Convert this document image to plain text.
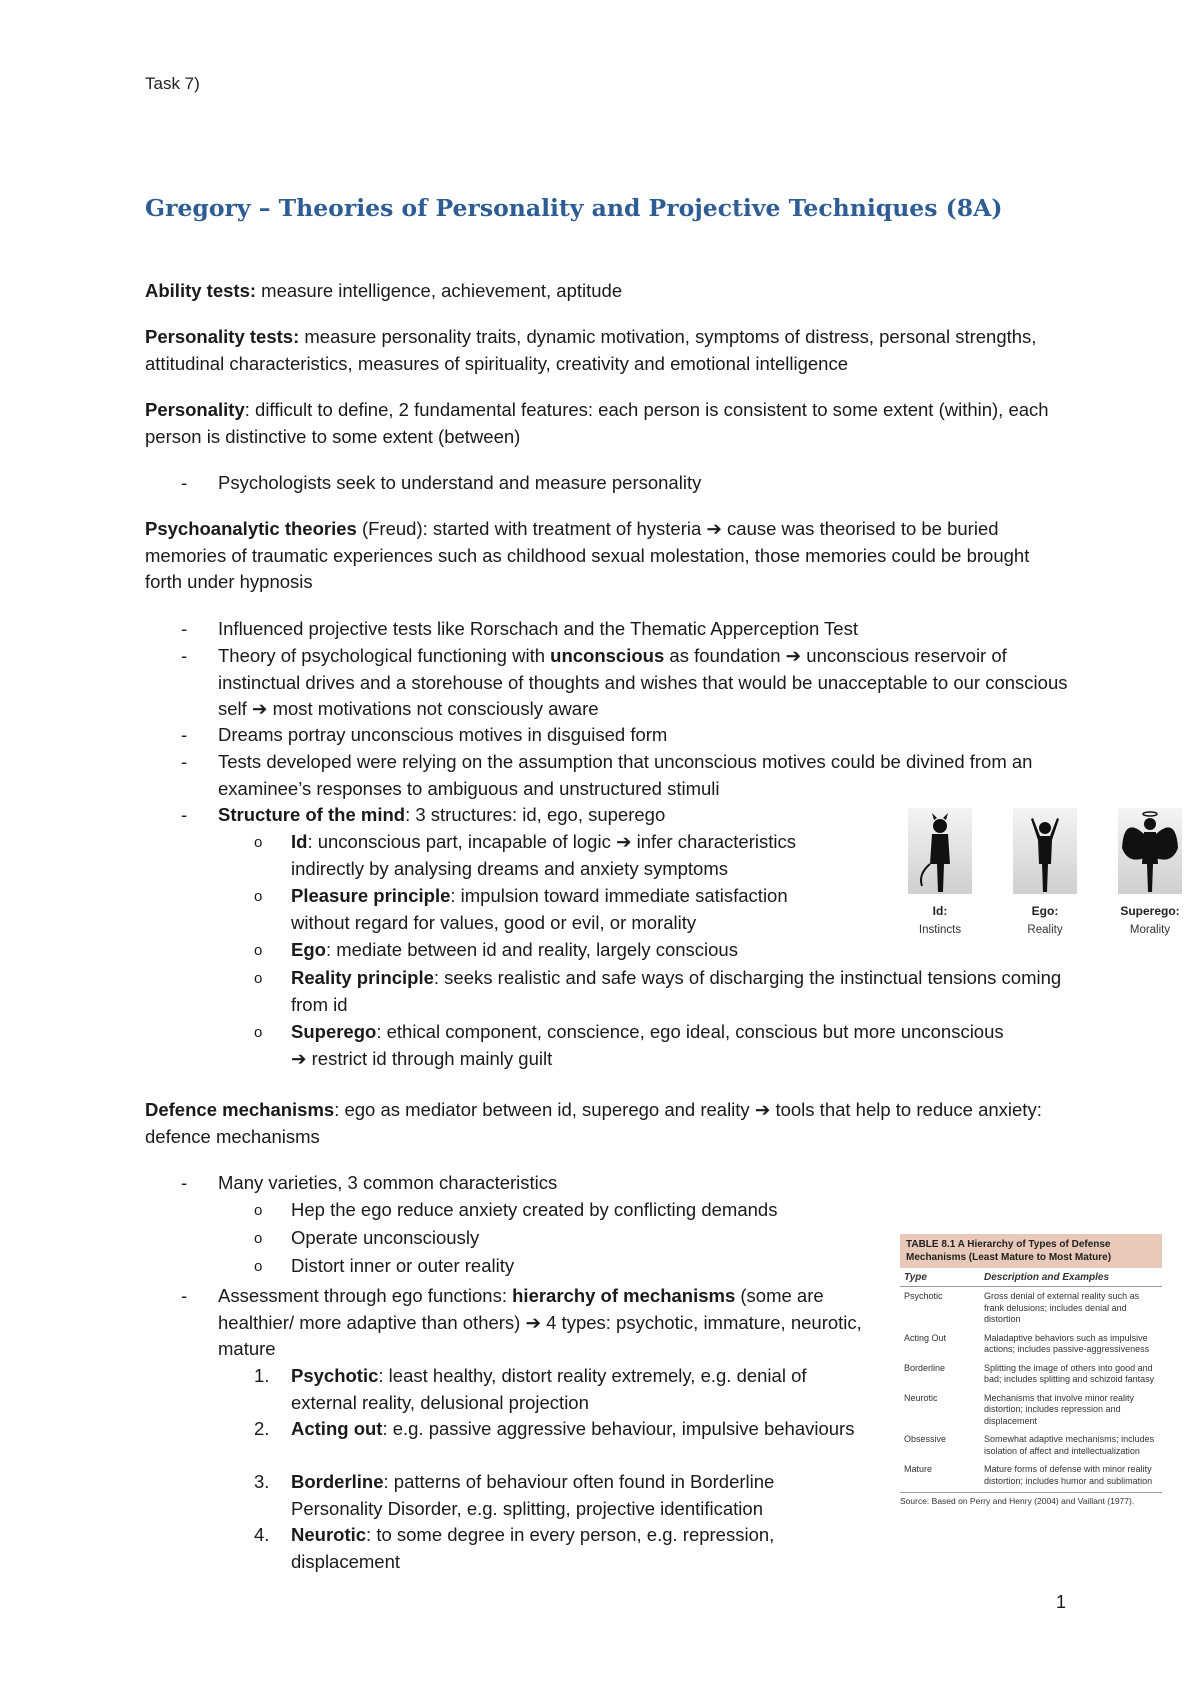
Task 7)
Gregory – Theories of Personality and Projective Techniques (8A)

Ability tests: measure intelligence, achievement, aptitude

Personality tests: measure personality traits, dynamic motivation, symptoms of distress, personal strengths, attitudinal characteristics, measures of spirituality, creativity and emotional intelligence

Personality: difficult to define, 2 fundamental features: each person is consistent to some extent (within), each person is distinctive to some extent (between)

- Psychologists seek to understand and measure personality

Psychoanalytic theories (Freud): started with treatment of hysteria ➔ cause was theorised to be buried memories of traumatic experiences such as childhood sexual molestation, those memories could be brought forth under hypnosis

- Influenced projective tests like Rorschach and the Thematic Apperception Test
- Theory of psychological functioning with unconscious as foundation ➔ unconscious reservoir of instinctual drives and a storehouse of thoughts and wishes that would be unacceptable to our conscious self ➔ most motivations not consciously aware
- Dreams portray unconscious motives in disguised form
- Tests developed were relying on the assumption that unconscious motives could be divined from an examinee’s responses to ambiguous and unstructured stimuli
- Structure of the mind: 3 structures: id, ego, superego
o Id: unconscious part, incapable of logic ➔ infer characteristics indirectly by analysing dreams and anxiety symptoms
o Pleasure principle: impulsion toward immediate satisfaction without regard for values, good or evil, or morality
o Ego: mediate between id and reality, largely conscious
o Reality principle: seeks realistic and safe ways of discharging the instinctual tensions coming from id
o Superego: ethical component, conscience, ego ideal, conscious but more unconscious ➔ restrict id through mainly guilt
Id:
Instincts
Ego:
Reality
Superego:
Morality

Defence mechanisms: ego as mediator between id, superego and reality ➔ tools that help to reduce anxiety: defence mechanisms

- Many varieties, 3 common characteristics
o Hep the ego reduce anxiety created by conflicting demands
o Operate unconsciously
o Distort inner or outer reality
- Assessment through ego functions: hierarchy of mechanisms (some are healthier/ more adaptive than others) ➔ 4 types: psychotic, immature, neurotic, mature
1. Psychotic: least healthy, distort reality extremely, e.g. denial of external reality, delusional projection
2. Acting out: e.g. passive aggressive behaviour, impulsive behaviours
3. Borderline: patterns of behaviour often found in Borderline Personality Disorder, e.g. splitting, projective identification
4. Neurotic: to some degree in every person, e.g. repression, displacement
TABLE 8.1 A Hierarchy of Types of Defense Mechanisms (Least Mature to Most Mature)
Type	Description and Examples
Psychotic	Gross denial of external reality such as frank delusions; includes denial and distortion
Acting Out	Maladaptive behaviors such as impulsive actions; includes passive-aggressiveness
Borderline	Splitting the image of others into good and bad; includes splitting and schizoid fantasy
Neurotic	Mechanisms that involve minor reality distortion; includes repression and displacement
Obsessive	Somewhat adaptive mechanisms; includes isolation of affect and intellectualization
Mature	Mature forms of defense with minor reality distortion; includes humor and sublimation
Source: Based on Perry and Henry (2004) and Vaillant (1977).
1
